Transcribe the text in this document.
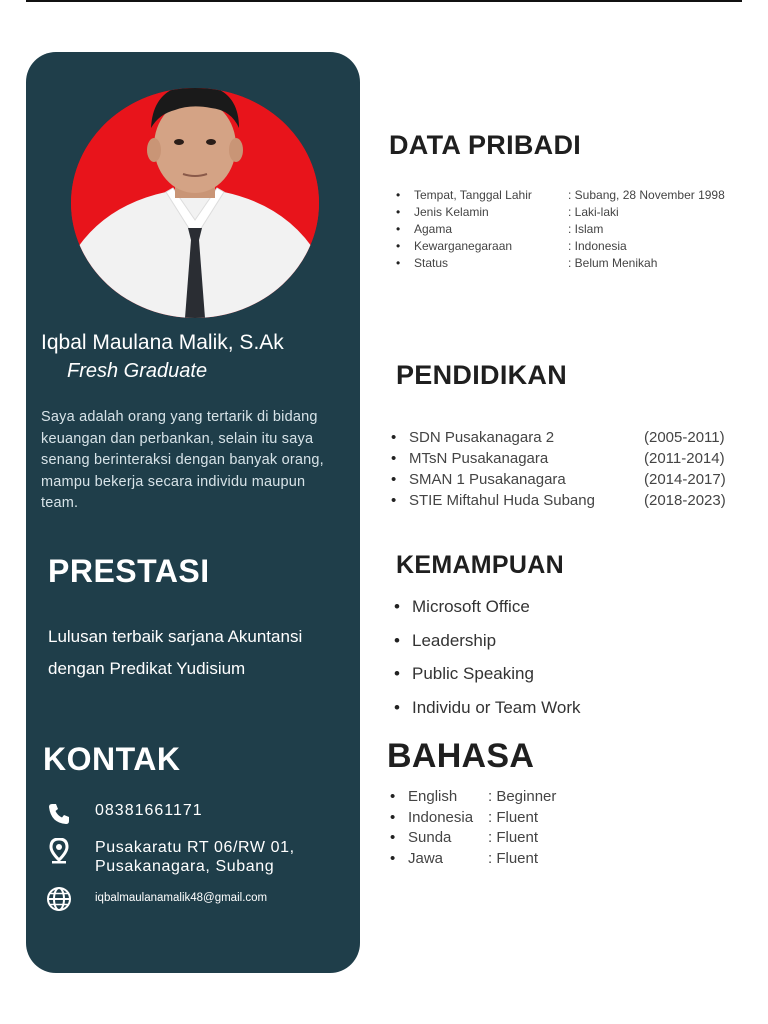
Iqbal Maulana Malik, S.Ak
Fresh Graduate
Saya adalah orang yang tertarik di bidang keuangan dan perbankan, selain itu saya senang berinteraksi dengan banyak orang, mampu bekerja secara individu maupun team.
PRESTASI
Lulusan terbaik sarjana Akuntansi dengan Predikat Yudisium
KONTAK
08381661171
Pusakaratu RT 06/RW 01, Pusakanagara, Subang
iqbalmaulanamalik48@gmail.com
DATA PRIBADI
• Tempat, Tanggal Lahir	: Subang, 28 November 1998
• Jenis Kelamin	: Laki-laki
• Agama	: Islam
• Kewarganegaraan	: Indonesia
• Status	: Belum Menikah
PENDIDIKAN
• SDN Pusakanagara 2	(2005-2011)
• MTsN Pusakanagara	(2011-2014)
• SMAN 1 Pusakanagara	(2014-2017)
• STIE Miftahul Huda Subang	(2018-2023)
KEMAMPUAN
• Microsoft Office
• Leadership
• Public Speaking
• Individu or Team Work
BAHASA
• English : Beginner
• Indonesia : Fluent
• Sunda : Fluent
• Jawa	: Fluent
